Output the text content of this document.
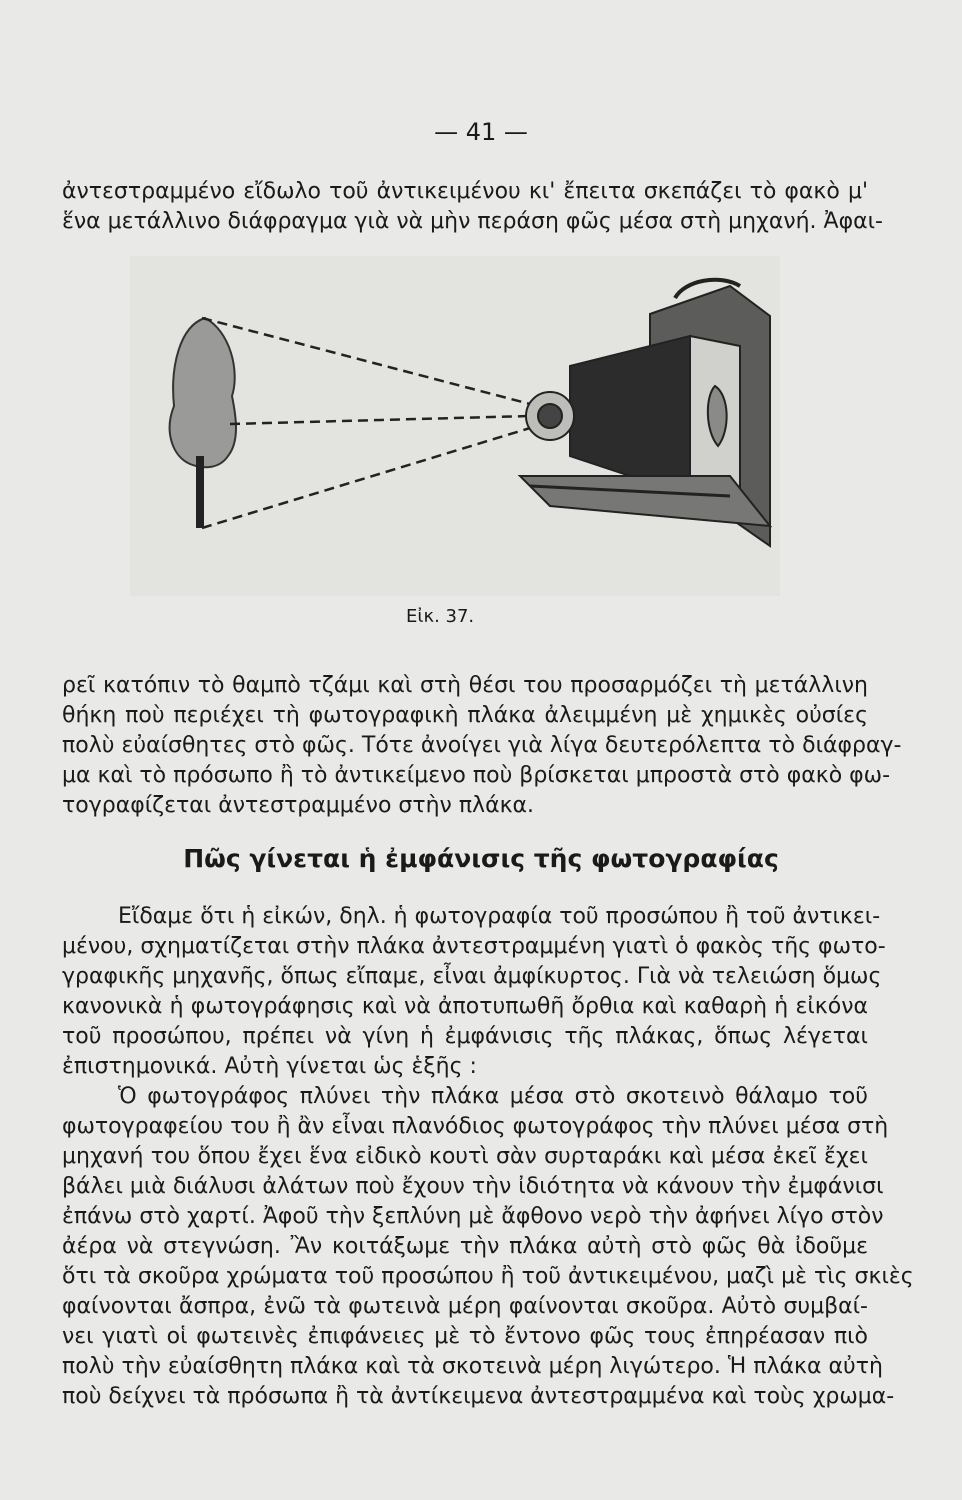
— 41 —
ἀντεστραμμένο εἴδωλο τοῦ ἀντικειμένου κι' ἔπειτα σκεπάζει τὸ φακὸ μ'
ἕνα μετάλλινο διάφραγμα γιὰ νὰ μὴν περάση φῶς μέσα στὴ μηχανή. Ἀφαι-
Εἰκ. 37.
ρεῖ κατόπιν τὸ θαμπὸ τζάμι καὶ στὴ θέσι του προσαρμόζει τὴ μετάλλινη
θήκη ποὺ περιέχει τὴ φωτογραφικὴ πλάκα ἀλειμμένη μὲ χημικὲς οὐσίες
πολὺ εὐαίσθητες στὸ φῶς. Τότε ἀνοίγει γιὰ λίγα δευτερόλεπτα τὸ διάφραγ-
μα καὶ τὸ πρόσωπο ἢ τὸ ἀντικείμενο ποὺ βρίσκεται μπροστὰ στὸ φακὸ φω-
τογραφίζεται ἀντεστραμμένο στὴν πλάκα.
Πῶς γίνεται ἡ ἐμφάνισις τῆς φωτογραφίας
Εἴδαμε ὅτι ἡ εἰκών, δηλ. ἡ φωτογραφία τοῦ προσώπου ἢ τοῦ ἀντικει-
μένου, σχηματίζεται στὴν πλάκα ἀντεστραμμένη γιατὶ ὁ φακὸς τῆς φωτο-
γραφικῆς μηχανῆς, ὅπως εἴπαμε, εἶναι ἀμφίκυρτος. Γιὰ νὰ τελειώση ὅμως
κανονικὰ ἡ φωτογράφησις καὶ νὰ ἀποτυπωθῆ ὄρθια καὶ καθαρὴ ἡ εἰκόνα
τοῦ προσώπου, πρέπει νὰ γίνη ἡ ἐμφάνισις τῆς πλάκας, ὅπως λέγεται
ἐπιστημονικά. Αὐτὴ γίνεται ὡς ἑξῆς :
Ὁ φωτογράφος πλύνει τὴν πλάκα μέσα στὸ σκοτεινὸ θάλαμο τοῦ
φωτογραφείου του ἢ ἂν εἶναι πλανόδιος φωτογράφος τὴν πλύνει μέσα στὴ
μηχανή του ὅπου ἔχει ἕνα εἰδικὸ κουτὶ σὰν συρταράκι καὶ μέσα ἐκεῖ ἔχει
βάλει μιὰ διάλυσι ἀλάτων ποὺ ἔχουν τὴν ἰδιότητα νὰ κάνουν τὴν ἐμφάνισι
ἐπάνω στὸ χαρτί. Ἀφοῦ τὴν ξεπλύνη μὲ ἄφθονο νερὸ τὴν ἀφήνει λίγο στὸν
ἀέρα νὰ στεγνώση. Ἂν κοιτάξωμε τὴν πλάκα αὐτὴ στὸ φῶς θὰ ἰδοῦμε
ὅτι τὰ σκοῦρα χρώματα τοῦ προσώπου ἢ τοῦ ἀντικειμένου, μαζὶ μὲ τὶς σκιὲς
φαίνονται ἄσπρα, ἐνῶ τὰ φωτεινὰ μέρη φαίνονται σκοῦρα. Αὐτὸ συμβαί-
νει γιατὶ οἱ φωτεινὲς ἐπιφάνειες μὲ τὸ ἔντονο φῶς τους ἐπηρέασαν πιὸ
πολὺ τὴν εὐαίσθητη πλάκα καὶ τὰ σκοτεινὰ μέρη λιγώτερο. Ἡ πλάκα αὐτὴ
ποὺ δείχνει τὰ πρόσωπα ἢ τὰ ἀντίκειμενα ἀντεστραμμένα καὶ τοὺς χρωμα-
